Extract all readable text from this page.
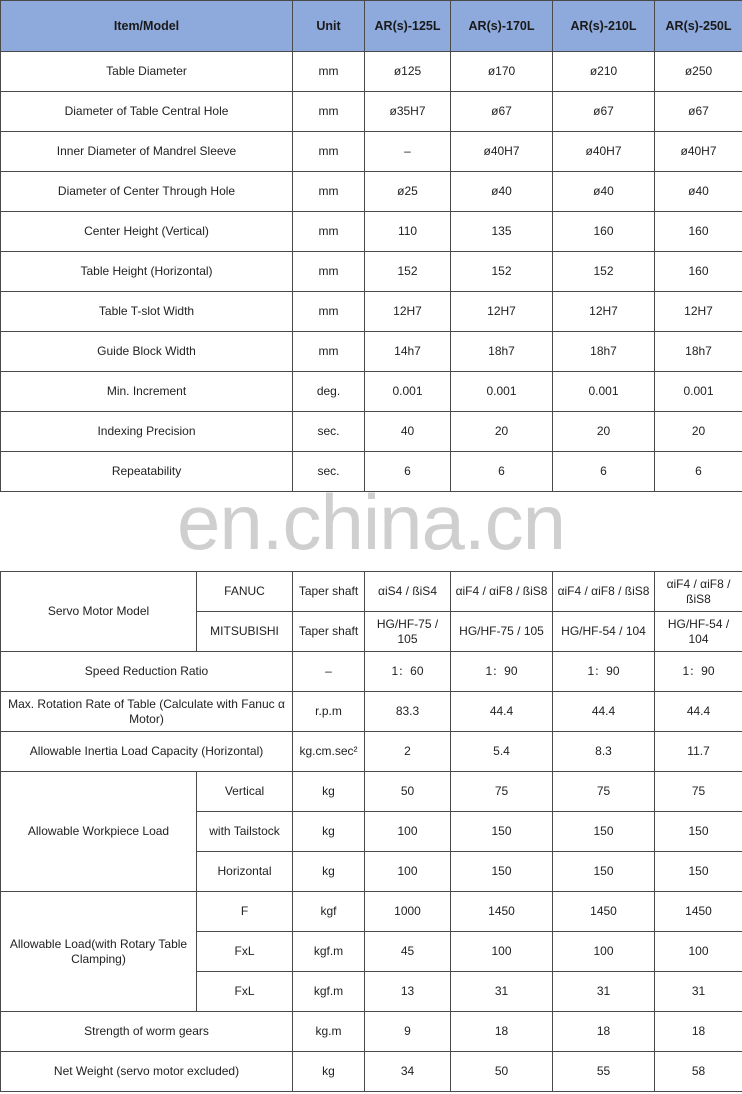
Item/Model		Unit	AR(s)-125L	AR(s)-170L	AR(s)-210L	AR(s)-250L
Table Diameter		mm	ø125	ø170	ø210	ø250
Diameter of Table Central Hole		mm	ø35H7	ø67	ø67	ø67
Inner Diameter of Mandrel Sleeve		mm	–	ø40H7	ø40H7	ø40H7
Diameter of Center Through Hole		mm	ø25	ø40	ø40	ø40
Center Height (Vertical)		mm	110	135	160	160
Table Height (Horizontal)		mm	152	152	152	160
Table T-slot Width		mm	12H7	12H7	12H7	12H7
Guide Block Width		mm	14h7	18h7	18h7	18h7
Min. Increment		deg.	0.001	0.001	0.001	0.001
Indexing Precision		sec.	40	20	20	20
Repeatability		sec.	6	6	6	6

Servo Motor Model	FANUC	Taper shaft	αiS4 / ßiS4	αiF4 / αiF8 / ßiS8	αiF4 / αiF8 / ßiS8	αiF4 / αiF8 / ßiS8
	MITSUBISHI	Taper shaft	HG/HF-75 / 105	HG/HF-75 / 105	HG/HF-54 / 104	HG/HF-54 / 104
Speed Reduction Ratio		–	1：60	1：90	1：90	1：90
Max. Rotation Rate of Table (Calculate with Fanuc α Motor)		r.p.m	83.3	44.4	44.4	44.4
Allowable Inertia Load Capacity (Horizontal)		kg.cm.sec²	2	5.4	8.3	11.7
Allowable Workpiece Load	Vertical	kg	50	75	75	75
	with Tailstock	kg	100	150	150	150
	Horizontal	kg	100	150	150	150
Allowable Load(with Rotary Table Clamping)	F	kgf	1000	1450	1450	1450
	FxL	kgf.m	45	100	100	100
	FxL	kgf.m	13	31	31	31
Strength of worm gears		kg.m	9	18	18	18
Net Weight (servo motor excluded)		kg	34	50	55	58
en.china.cn
